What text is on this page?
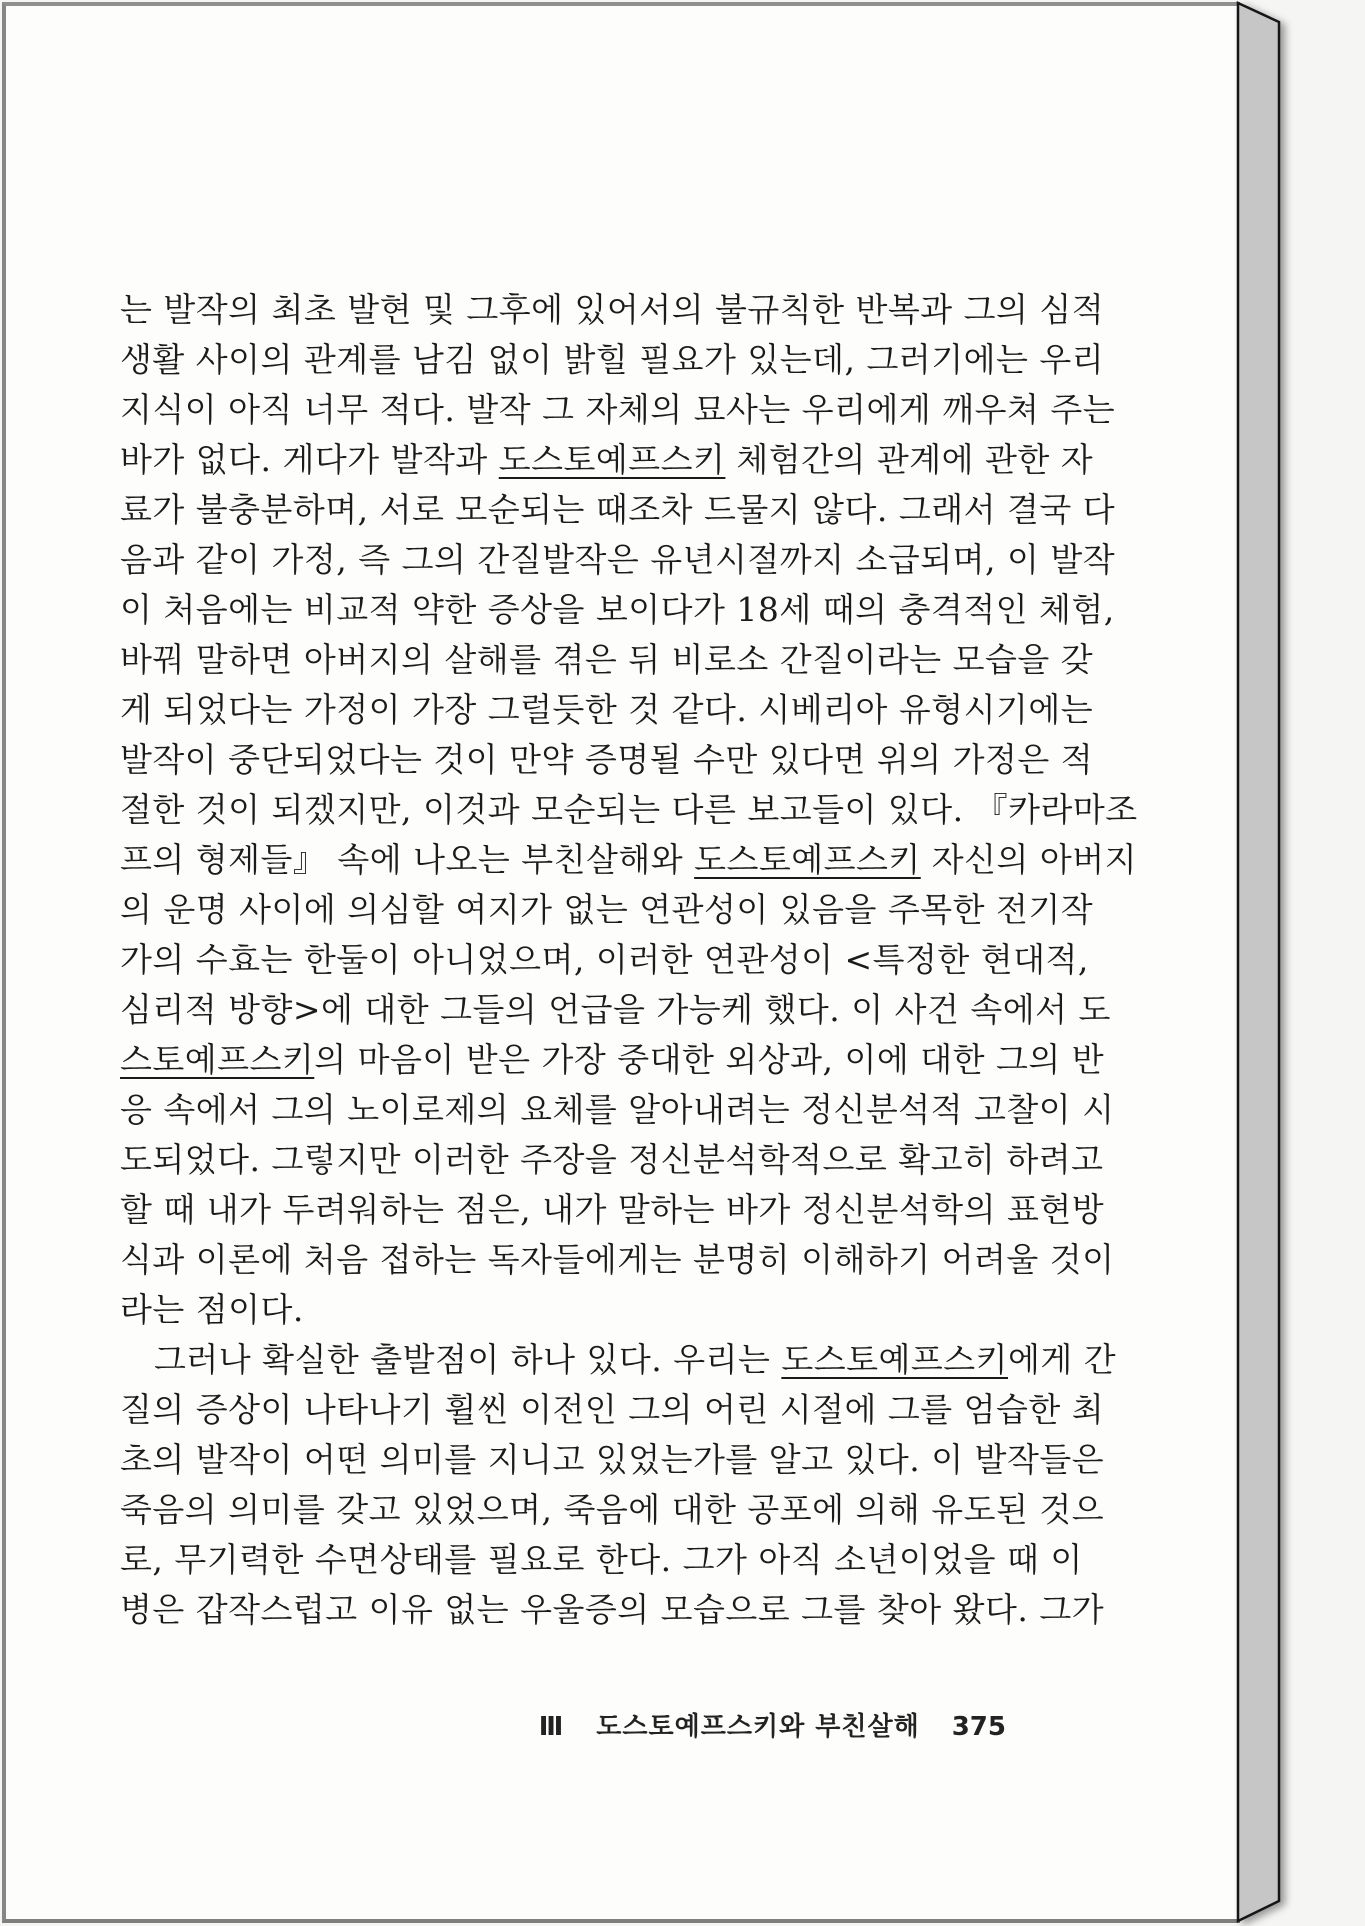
는 발작의 최초 발현 및 그후에 있어서의 불규칙한 반복과 그의 심적
생활 사이의 관계를 남김 없이 밝힐 필요가 있는데, 그러기에는 우리
지식이 아직 너무 적다. 발작 그 자체의 묘사는 우리에게 깨우쳐 주는
바가 없다. 게다가 발작과 도스토예프스키 체험간의 관계에 관한 자
료가 불충분하며, 서로 모순되는 때조차 드물지 않다. 그래서 결국 다
음과 같이 가정, 즉 그의 간질발작은 유년시절까지 소급되며, 이 발작
이 처음에는 비교적 약한 증상을 보이다가 18세 때의 충격적인 체험,
바꿔 말하면 아버지의 살해를 겪은 뒤 비로소 간질이라는 모습을 갖
게 되었다는 가정이 가장 그럴듯한 것 같다. 시베리아 유형시기에는
발작이 중단되었다는 것이 만약 증명될 수만 있다면 위의 가정은 적
절한 것이 되겠지만, 이것과 모순되는 다른 보고들이 있다. 『카라마조
프의 형제들』 속에 나오는 부친살해와 도스토예프스키 자신의 아버지
의 운명 사이에 의심할 여지가 없는 연관성이 있음을 주목한 전기작
가의 수효는 한둘이 아니었으며, 이러한 연관성이 <특정한 현대적,
심리적 방향>에 대한 그들의 언급을 가능케 했다. 이 사건 속에서 도
스토예프스키의 마음이 받은 가장 중대한 외상과, 이에 대한 그의 반
응 속에서 그의 노이로제의 요체를 알아내려는 정신분석적 고찰이 시
도되었다. 그렇지만 이러한 주장을 정신분석학적으로 확고히 하려고
할 때 내가 두려워하는 점은, 내가 말하는 바가 정신분석학의 표현방
식과 이론에 처음 접하는 독자들에게는 분명히 이해하기 어려울 것이
라는 점이다.
그러나 확실한 출발점이 하나 있다. 우리는 도스토예프스키에게 간
질의 증상이 나타나기 휠씬 이전인 그의 어린 시절에 그를 엄습한 최
초의 발작이 어떤 의미를 지니고 있었는가를 알고 있다. 이 발작들은
죽음의 의미를 갖고 있었으며, 죽음에 대한 공포에 의해 유도된 것으
로, 무기력한 수면상태를 필요로 한다. 그가 아직 소년이었을 때 이
병은 갑작스럽고 이유 없는 우울증의 모습으로 그를 찾아 왔다. 그가
Ⅲ 도스토예프스키와 부친살해 375
